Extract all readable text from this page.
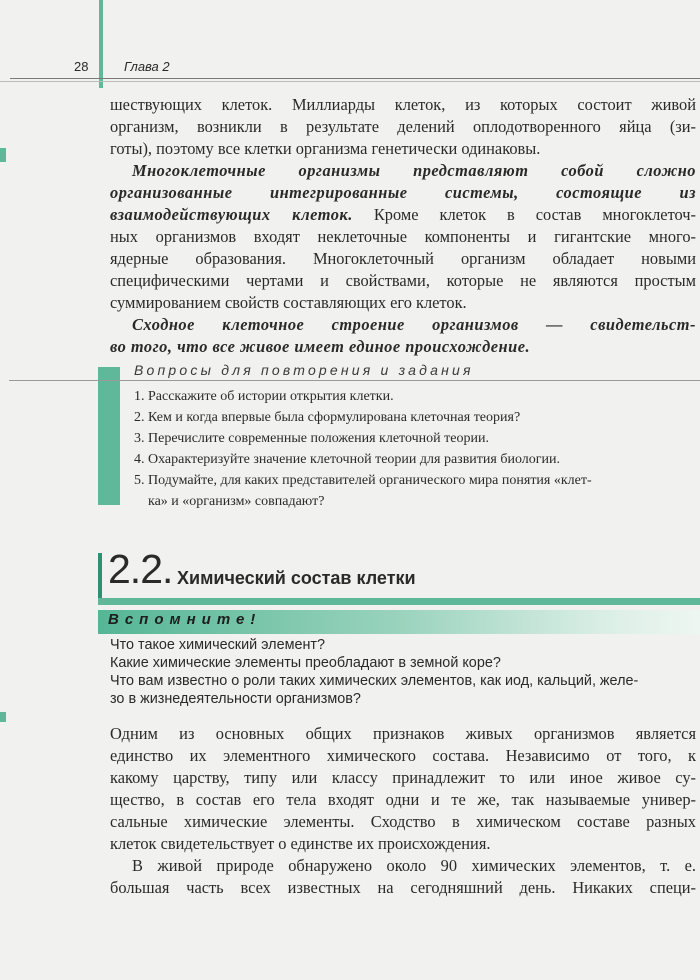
28	Глава 2
шествующих клеток. Миллиарды клеток, из которых состоит живой
организм, возникли в результате делений оплодотворенного яйца (зи-
готы), поэтому все клетки организма генетически одинаковы.
Многоклеточные организмы представляют собой сложно
организованные интегрированные системы, состоящие из
взаимодействующих клеток. Кроме клеток в состав многоклеточ-
ных организмов входят неклеточные компоненты и гигантские много-
ядерные образования. Многоклеточный организм обладает новыми
специфическими чертами и свойствами, которые не являются простым
суммированием свойств составляющих его клеток.
Сходное клеточное строение организмов — свидетельст-
во того, что все живое имеет единое происхождение.
Вопросы для повторения и задания
1. Расскажите об истории открытия клетки.
2. Кем и когда впервые была сформулирована клеточная теория?
3. Перечислите современные положения клеточной теории.
4. Охарактеризуйте значение клеточной теории для развития биологии.
5. Подумайте, для каких представителей органического мира понятия «клет-
ка» и «организм» совпадают?
2.2. Химический состав клетки
Вспомните!
Что такое химический элемент?
Какие химические элементы преобладают в земной коре?
Что вам известно о роли таких химических элементов, как иод, кальций, желе-
зо в жизнедеятельности организмов?
Одним из основных общих признаков живых организмов является
единство их элементного химического состава. Независимо от того, к
какому царству, типу или классу принадлежит то или иное живое су-
щество, в состав его тела входят одни и те же, так называемые универ-
сальные химические элементы. Сходство в химическом составе разных
клеток свидетельствует о единстве их происхождения.
В живой природе обнаружено около 90 химических элементов, т. е.
большая часть всех известных на сегодняшний день. Никаких специ-
